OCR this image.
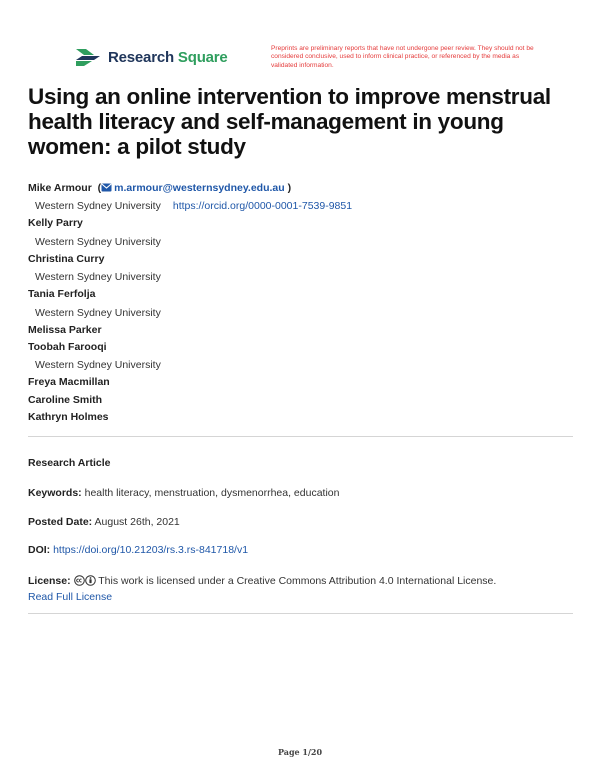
Research Square	Preprints are preliminary reports that have not undergone peer review. They should not be considered conclusive, used to inform clinical practice, or referenced by the media as validated information.
Using an online intervention to improve menstrual health literacy and self-management in young women: a pilot study
Mike Armour  ( m.armour@westernsydney.edu.au )
Western Sydney University https://orcid.org/0000-0001-7539-9851
Kelly Parry
Western Sydney University
Christina Curry
Western Sydney University
Tania Ferfolja
Western Sydney University
Melissa Parker
Toobah Farooqi
Western Sydney University
Freya Macmillan
Caroline Smith
Kathryn Holmes
Research Article
Keywords: health literacy, menstruation, dysmenorrhea, education
Posted Date: August 26th, 2021
DOI: https://doi.org/10.21203/rs.3.rs-841718/v1
License:	This work is licensed under a Creative Commons Attribution 4.0 International License.
Read Full License
Page 1/20
